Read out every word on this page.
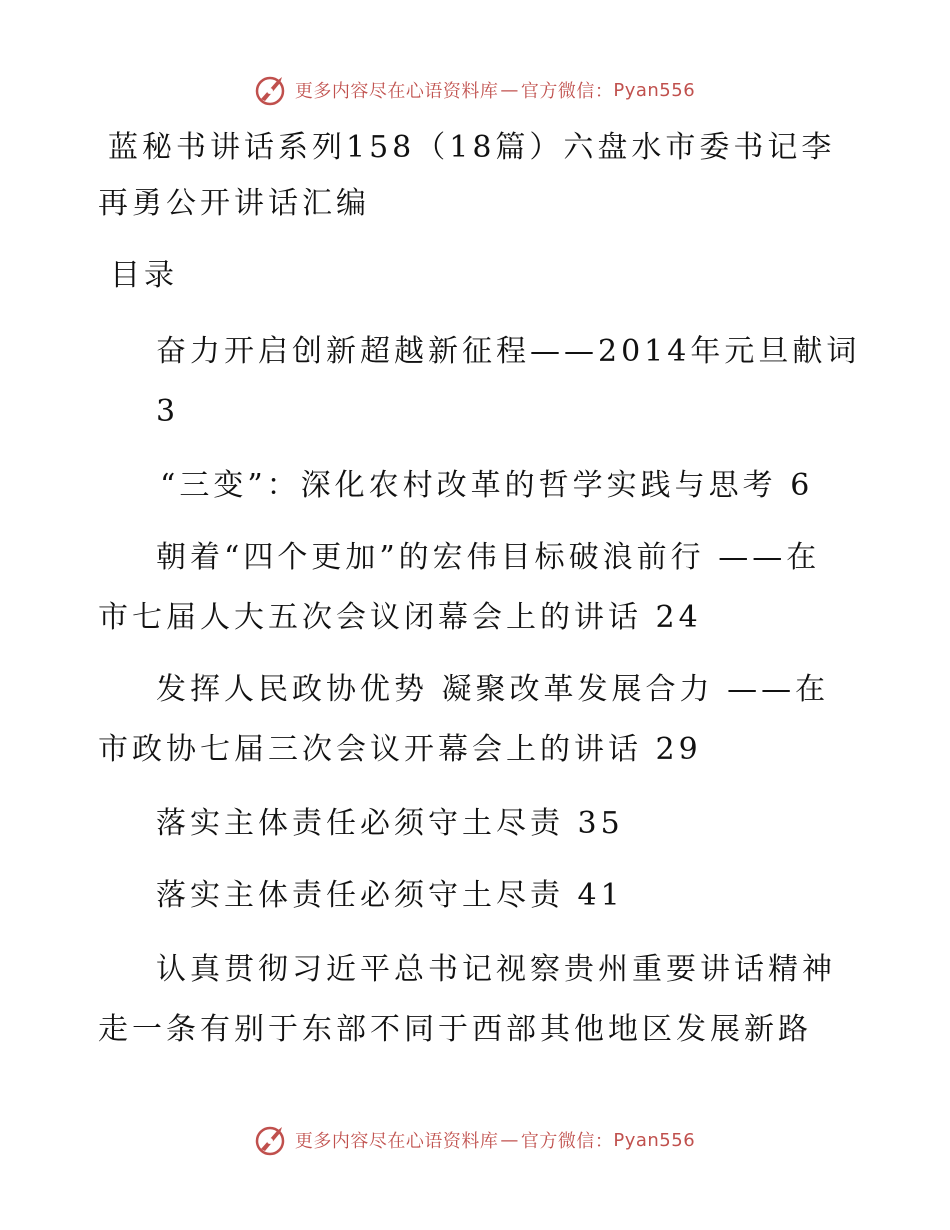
更多内容尽在心语资料库 — 官方微信： Pyan556
蓝秘书讲话系列158（18篇）六盘水市委书记李
再勇公开讲话汇编
目录
奋力开启创新超越新征程——2014年元旦献词
3
“三变”：深化农村改革的哲学实践与思考 6
朝着“四个更加”的宏伟目标破浪前行 ——在
市七届人大五次会议闭幕会上的讲话 24
发挥人民政协优势 凝聚改革发展合力 ——在
市政协七届三次会议开幕会上的讲话 29
落实主体责任必须守土尽责 35
落实主体责任必须守土尽责 41
认真贯彻习近平总书记视察贵州重要讲话精神
走一条有别于东部不同于西部其他地区发展新路
更多内容尽在心语资料库 — 官方微信： Pyan556
